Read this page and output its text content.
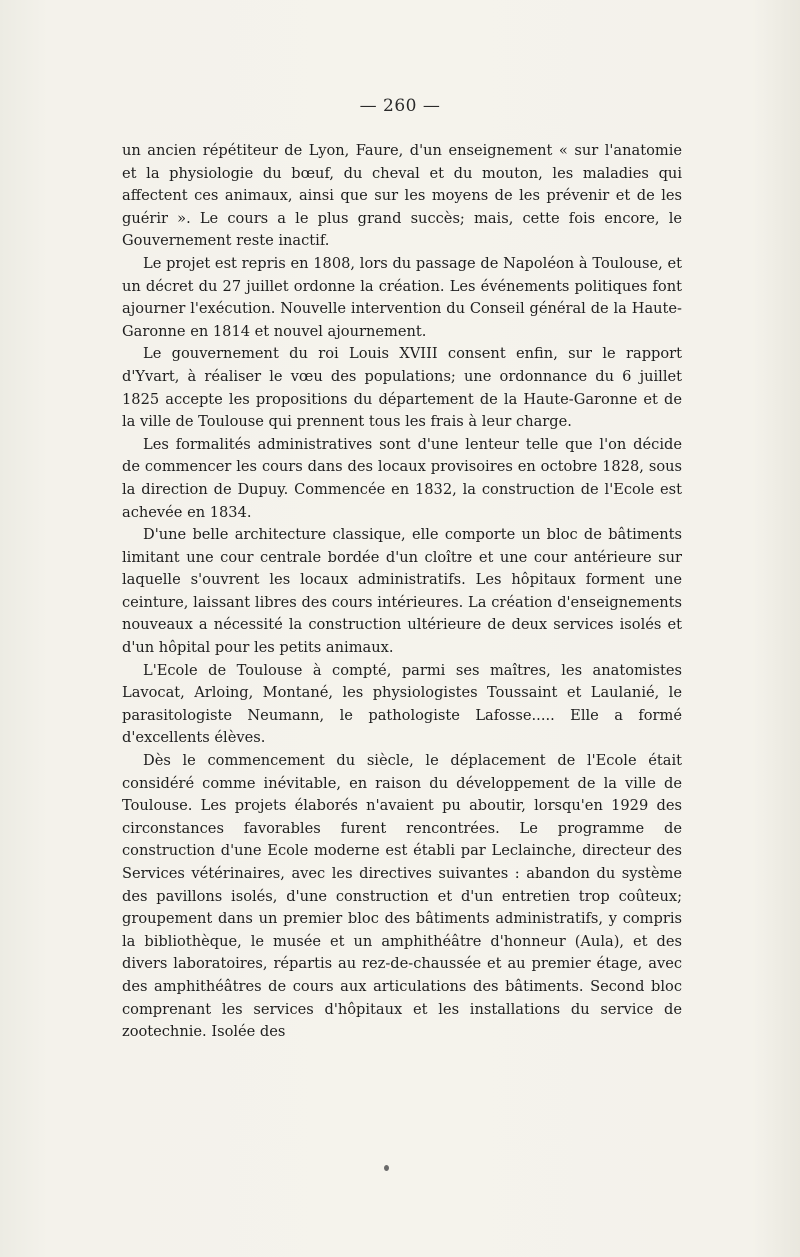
— 260 —

un ancien répétiteur de Lyon, Faure, d'un enseignement « sur l'anatomie et la physiologie du bœuf, du cheval et du mouton, les maladies qui affectent ces animaux, ainsi que sur les moyens de les prévenir et de les guérir ». Le cours a le plus grand succès; mais, cette fois encore, le Gouvernement reste inactif.

Le projet est repris en 1808, lors du passage de Napoléon à Toulouse, et un décret du 27 juillet ordonne la création. Les événements politiques font ajourner l'exécution. Nouvelle intervention du Conseil général de la Haute-Garonne en 1814 et nouvel ajournement.

Le gouvernement du roi Louis XVIII consent enfin, sur le rapport d'Yvart, à réaliser le vœu des populations; une ordonnance du 6 juillet 1825 accepte les propositions du département de la Haute-Garonne et de la ville de Toulouse qui prennent tous les frais à leur charge.

Les formalités administratives sont d'une lenteur telle que l'on décide de commencer les cours dans des locaux provisoires en octobre 1828, sous la direction de Dupuy. Commencée en 1832, la construction de l'Ecole est achevée en 1834.

D'une belle architecture classique, elle comporte un bloc de bâtiments limitant une cour centrale bordée d'un cloître et une cour antérieure sur laquelle s'ouvrent les locaux administratifs. Les hôpitaux forment une ceinture, laissant libres des cours intérieures. La création d'enseignements nouveaux a nécessité la construction ultérieure de deux services isolés et d'un hôpital pour les petits animaux.

L'Ecole de Toulouse à compté, parmi ses maîtres, les anatomistes Lavocat, Arloing, Montané, les physiologistes Toussaint et Laulanié, le parasitologiste Neumann, le pathologiste Lafosse..... Elle a formé d'excellents élèves.

Dès le commencement du siècle, le déplacement de l'Ecole était considéré comme inévitable, en raison du développement de la ville de Toulouse. Les projets élaborés n'avaient pu aboutir, lorsqu'en 1929 des circonstances favorables furent rencontrées. Le programme de construction d'une Ecole moderne est établi par Leclainche, directeur des Services vétérinaires, avec les directives suivantes : abandon du système des pavillons isolés, d'une construction et d'un entretien trop coûteux; groupement dans un premier bloc des bâtiments administratifs, y compris la bibliothèque, le musée et un amphithéâtre d'honneur (Aula), et des divers laboratoires, répartis au rez-de-chaussée et au premier étage, avec des amphithéâtres de cours aux articulations des bâtiments. Second bloc comprenant les services d'hôpitaux et les installations du service de zootechnie. Isolée des
